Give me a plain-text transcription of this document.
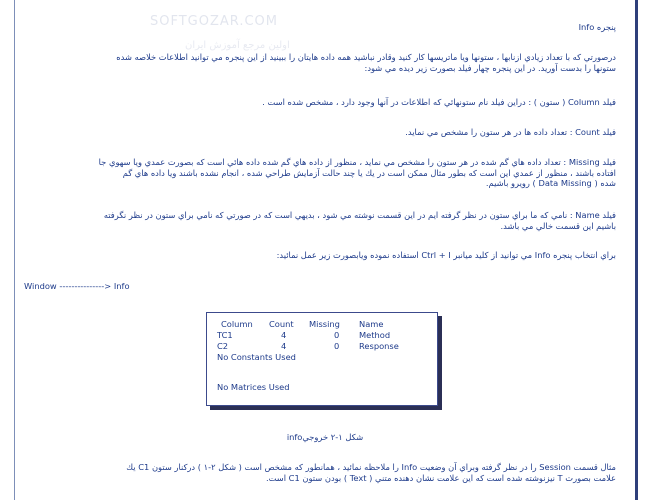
SOFTGOZAR.COM
اولين مرجع آموزش ايران
پنجره Info
درصورتي كه با تعداد زيادي ازنابها ، ستونها ويا ماتريسها كار كنيد وقادر نباشيد همه داده هايتان را ببينيد از اين پنجره مي توانيد اطلاعات خلاصه شده
ستونها را بدست آوريد. در اين پنجره چهار فيلد بصورت زير ديده مي شود:
فيلد Column ( ستون ) : دراين فيلد نام ستونهائي كه اطلاعات در آنها وجود دارد ، مشخص شده است .
فيلد Count : تعداد داده ها در هر ستون را مشخص مي نمايد.
فيلد Missing : تعداد داده هاي گم شده در هر ستون را مشخص مي نمايد ، منظور از داده هاي گم شده داده هائي است كه بصورت عمدي ويا سهوي جا
افتاده باشند ، منظور از عمدي اين است كه بطور مثال ممكن است در يك يا چند حالت آزمايش طراحي شده ، انجام نشده باشند ويا داده هاي گم
شده ( Data Missing ) رويرو باشيم.
فيلد Name : نامي كه ما براي ستون در نظر گرفته ايم در اين قسمت نوشته مي شود ، بديهي است كه در صورتي كه نامي براي ستون در نظر نگرفته
باشيم اين قسمت خالي مي باشد.
براي انتخاب پنجره Info مي توانيد از كليد ميانبر Ctrl + I استفاده نموده ويابصورت زير عمل نمائيد:
Window ---------------> Info
Column Count Missing Name
TC1	4	0 Method
C2	4	0 Response
No Constants Used
No Matrices Used
شكل ١-٢ خروجيinfo
مثال قسمت Session را در نظر گرفته وبراي آن وضعيت Info را ملاحظه نمائيد ، همانطور كه مشخص است ( شكل ٢-١ ) دركنار ستون C1 يك
علامت بصورت T نيزنوشته شده است كه اين علامت نشان دهنده متني ( Text ) بودن ستون C1 است.
